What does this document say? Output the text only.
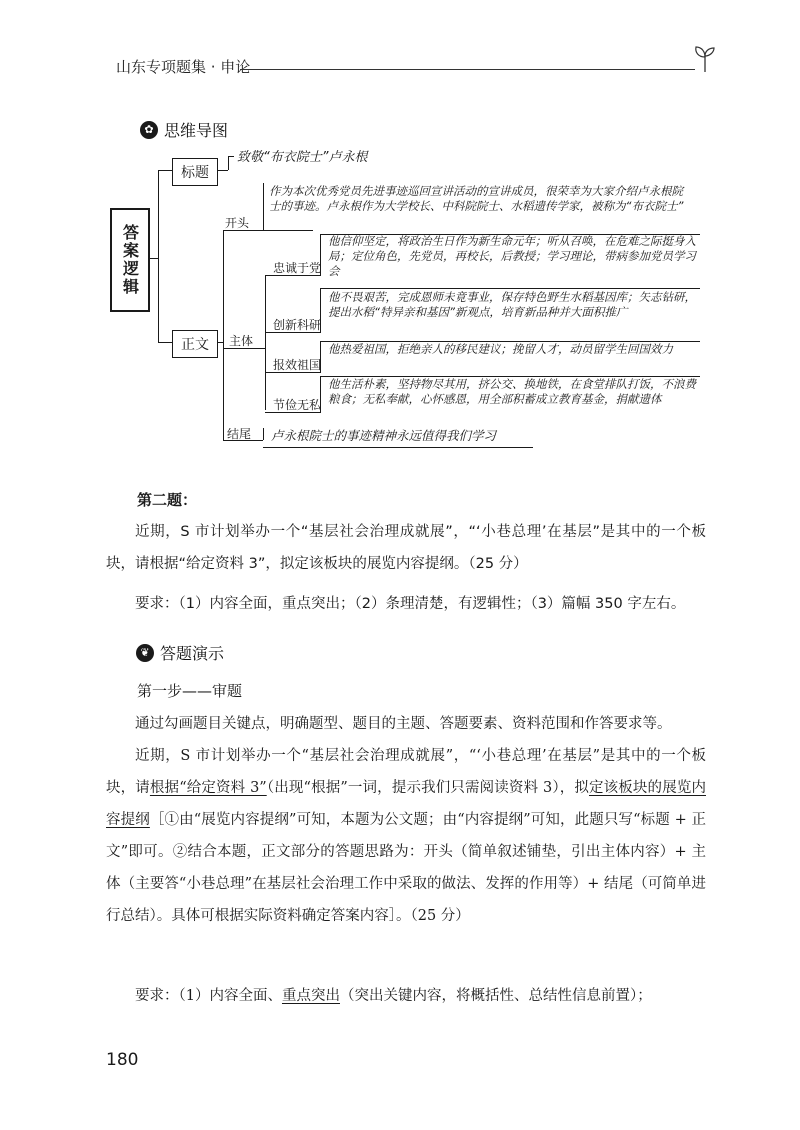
山东专项题集 · 申论
✿ 思维导图
答案逻辑
标题
致敬“布衣院士”卢永根
正文
开头
作为本次优秀党员先进事迹巡回宣讲活动的宣讲成员，很荣幸为大家介绍卢永根院士的事迹。卢永根作为大学校长、中科院院士、水稻遗传学家，被称为“布衣院士”
主体
忠诚于党
他信仰坚定，将政治生日作为新生命元年；听从召唤，在危难之际挺身入局；定位角色，先党员，再校长，后教授；学习理论，带病参加党员学习会
创新科研
他不畏艰苦，完成恩师未竟事业，保存特色野生水稻基因库；矢志钻研，提出水稻“特异亲和基因”新观点，培育新品种并大面积推广
报效祖国
他热爱祖国，拒绝亲人的移民建议；挽留人才，动员留学生回国效力
节俭无私
他生活朴素，坚持物尽其用，挤公交、换地铁，在食堂排队打饭，不浪费粮食；无私奉献，心怀感恩，用全部积蓄成立教育基金，捐献遗体
结尾 卢永根院士的事迹精神永远值得我们学习
第二题：

近期，S 市计划举办一个“基层社会治理成就展”，“‘小巷总理’在基层”是其中的一个板块，请根据“给定资料 3”，拟定该板块的展览内容提纲。（25 分）

要求：（1）内容全面，重点突出；（2）条理清楚，有逻辑性；（3）篇幅 350 字左右。

❦ 答题演示
第一步——审题

通过勾画题目关键点，明确题型、题目的主题、答题要素、资料范围和作答要求等。

近期，S 市计划举办一个“基层社会治理成就展”，“‘小巷总理’在基层”是其中的一个板块，请根据“给定资料 3”（出现“根据”一词，提示我们只需阅读资料 3），拟定该板块的展览内容提纲［①由“展览内容提纲”可知，本题为公文题；由“内容提纲”可知，此题只写“标题 + 正文”即可。②结合本题，正文部分的答题思路为：开头（简单叙述铺垫，引出主体内容）+ 主体（主要答“小巷总理”在基层社会治理工作中采取的做法、发挥的作用等）+ 结尾（可简单进行总结）。具体可根据实际资料确定答案内容］。（25 分）

要求：（1）内容全面、重点突出（突出关键内容，将概括性、总结性信息前置）；

180
